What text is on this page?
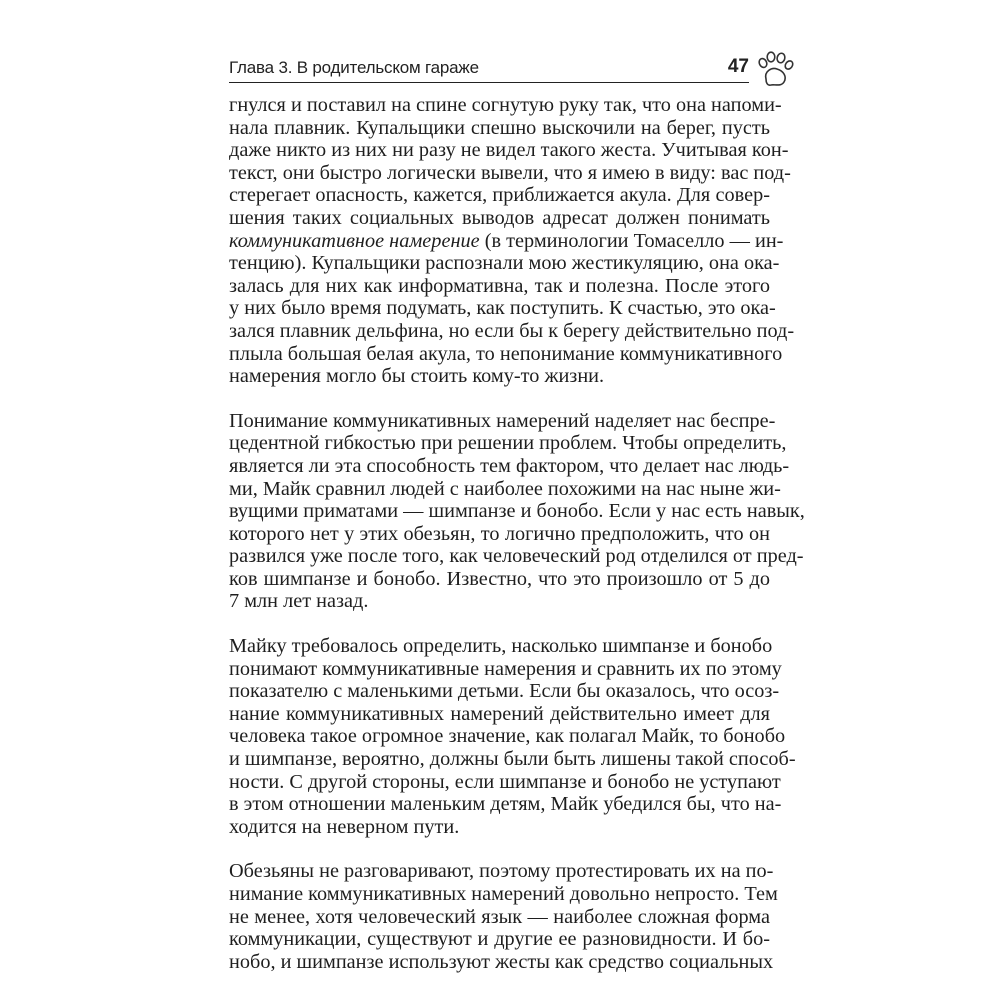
Глава 3. В родительском гараже	47

гнулся и поставил на спине согнутую руку так, что она напоми-
нала плавник. Купальщики спешно выскочили на берег, пусть
даже никто из них ни разу не видел такого жеста. Учитывая кон-
текст, они быстро логически вывели, что я имею в виду: вас под-
стерегает опасность, кажется, приближается акула. Для совер-
шения таких социальных выводов адресат должен понимать
коммуникативное намерение (в терминологии Томаселло — ин-
тенцию). Купальщики распознали мою жестикуляцию, она ока-
залась для них как информативна, так и полезна. После этого
у них было время подумать, как поступить. К счастью, это ока-
зался плавник дельфина, но если бы к берегу действительно под-
плыла большая белая акула, то непонимание коммуникативного
намерения могло бы стоить кому-то жизни.

Понимание коммуникативных намерений наделяет нас беспре-
цедентной гибкостью при решении проблем. Чтобы определить,
является ли эта способность тем фактором, что делает нас людь-
ми, Майк сравнил людей с наиболее похожими на нас ныне жи-
вущими приматами — шимпанзе и бонобо. Если у нас есть навык,
которого нет у этих обезьян, то логично предположить, что он
развился уже после того, как человеческий род отделился от пред-
ков шимпанзе и бонобо. Известно, что это произошло от 5 до
7 млн лет назад.

Майку требовалось определить, насколько шимпанзе и бонобо
понимают коммуникативные намерения и сравнить их по этому
показателю с маленькими детьми. Если бы оказалось, что осоз-
нание коммуникативных намерений действительно имеет для
человека такое огромное значение, как полагал Майк, то бонобо
и шимпанзе, вероятно, должны были быть лишены такой способ-
ности. С другой стороны, если шимпанзе и бонобо не уступают
в этом отношении маленьким детям, Майк убедился бы, что на-
ходится на неверном пути.

Обезьяны не разговаривают, поэтому протестировать их на по-
нимание коммуникативных намерений довольно непросто. Тем
не менее, хотя человеческий язык — наиболее сложная форма
коммуникации, существуют и другие ее разновидности. И бо-
нобо, и шимпанзе используют жесты как средство социальных
